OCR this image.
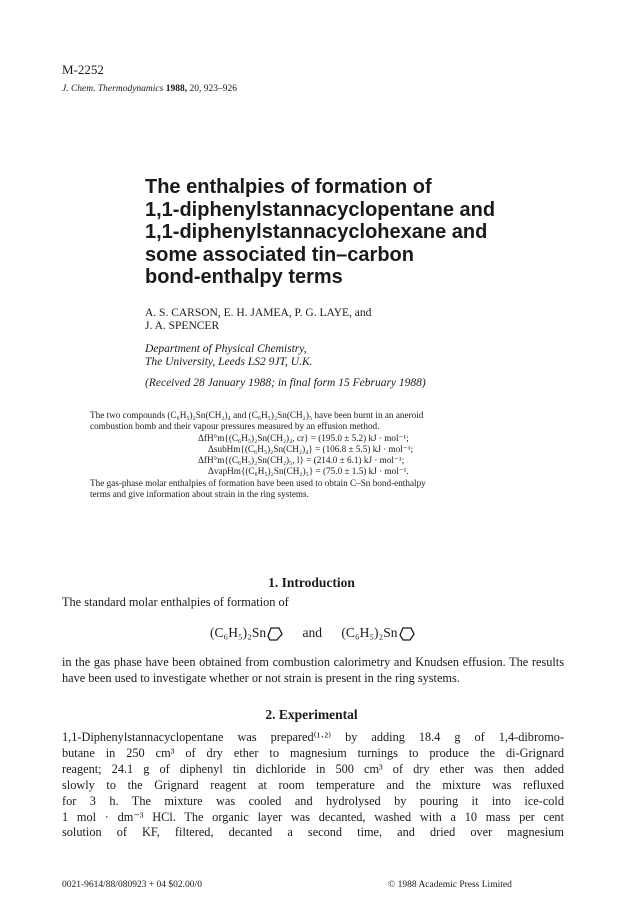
M-2252
J. Chem. Thermodynamics 1988, 20, 923–926
The enthalpies of formation of
1,1-diphenylstannacyclopentane and
1,1-diphenylstannacyclohexane and
some associated tin–carbon
bond-enthalpy terms
A. S. CARSON, E. H. JAMEA, P. G. LAYE, and
J. A. SPENCER
Department of Physical Chemistry,
The University, Leeds LS2 9JT, U.K.
(Received 28 January 1988; in final form 15 February 1988)
The two compounds (C₆H₅)₂Sn(CH₂)₄ and (C₆H₅)₂Sn(CH₂)₅ have been burnt in an aneroid
combustion bomb and their vapour pressures measured by an effusion method.
ΔfH°m{(C₆H₅)₂Sn(CH₂)₄, cr} = (195.0 ± 5.2) kJ · mol⁻¹;
ΔsubHm{(C₆H₅)₂Sn(CH₂)₄} = (106.8 ± 5.5) kJ · mol⁻¹;
ΔfH°m{(C₆H₅)₂Sn(CH₂)₅, l} = (214.0 ± 6.1) kJ · mol⁻¹;
ΔvapHm{(C₆H₅)₂Sn(CH₂)₅} = (75.0 ± 1.5) kJ · mol⁻¹.
The gas-phase molar enthalpies of formation have been used to obtain C–Sn bond-enthalpy
terms and give information about strain in the ring systems.
1. Introduction
The standard molar enthalpies of formation of
(C₆H₅)₂Sn	and (C₆H₅)₂Sn
in the gas phase have been obtained from combustion calorimetry and Knudsen effusion. The results have been used to investigate whether or not strain is present in the ring systems.
2. Experimental
1,1-Diphenylstannacyclopentane was prepared⁽¹·²⁾ by adding 18.4 g of 1,4-dibromo-
butane in 250 cm³ of dry ether to magnesium turnings to produce the di-Grignard
reagent; 24.1 g of diphenyl tin dichloride in 500 cm³ of dry ether was then added
slowly to the Grignard reagent at room temperature and the mixture was refluxed
for 3 h. The mixture was cooled and hydrolysed by pouring it into ice-cold
1 mol · dm⁻³ HCl. The organic layer was decanted, washed with a 10 mass per cent
solution of KF, filtered, decanted a second time, and dried over magnesium
0021-9614/88/080923 + 04 $02.00/0	© 1988 Academic Press Limited
